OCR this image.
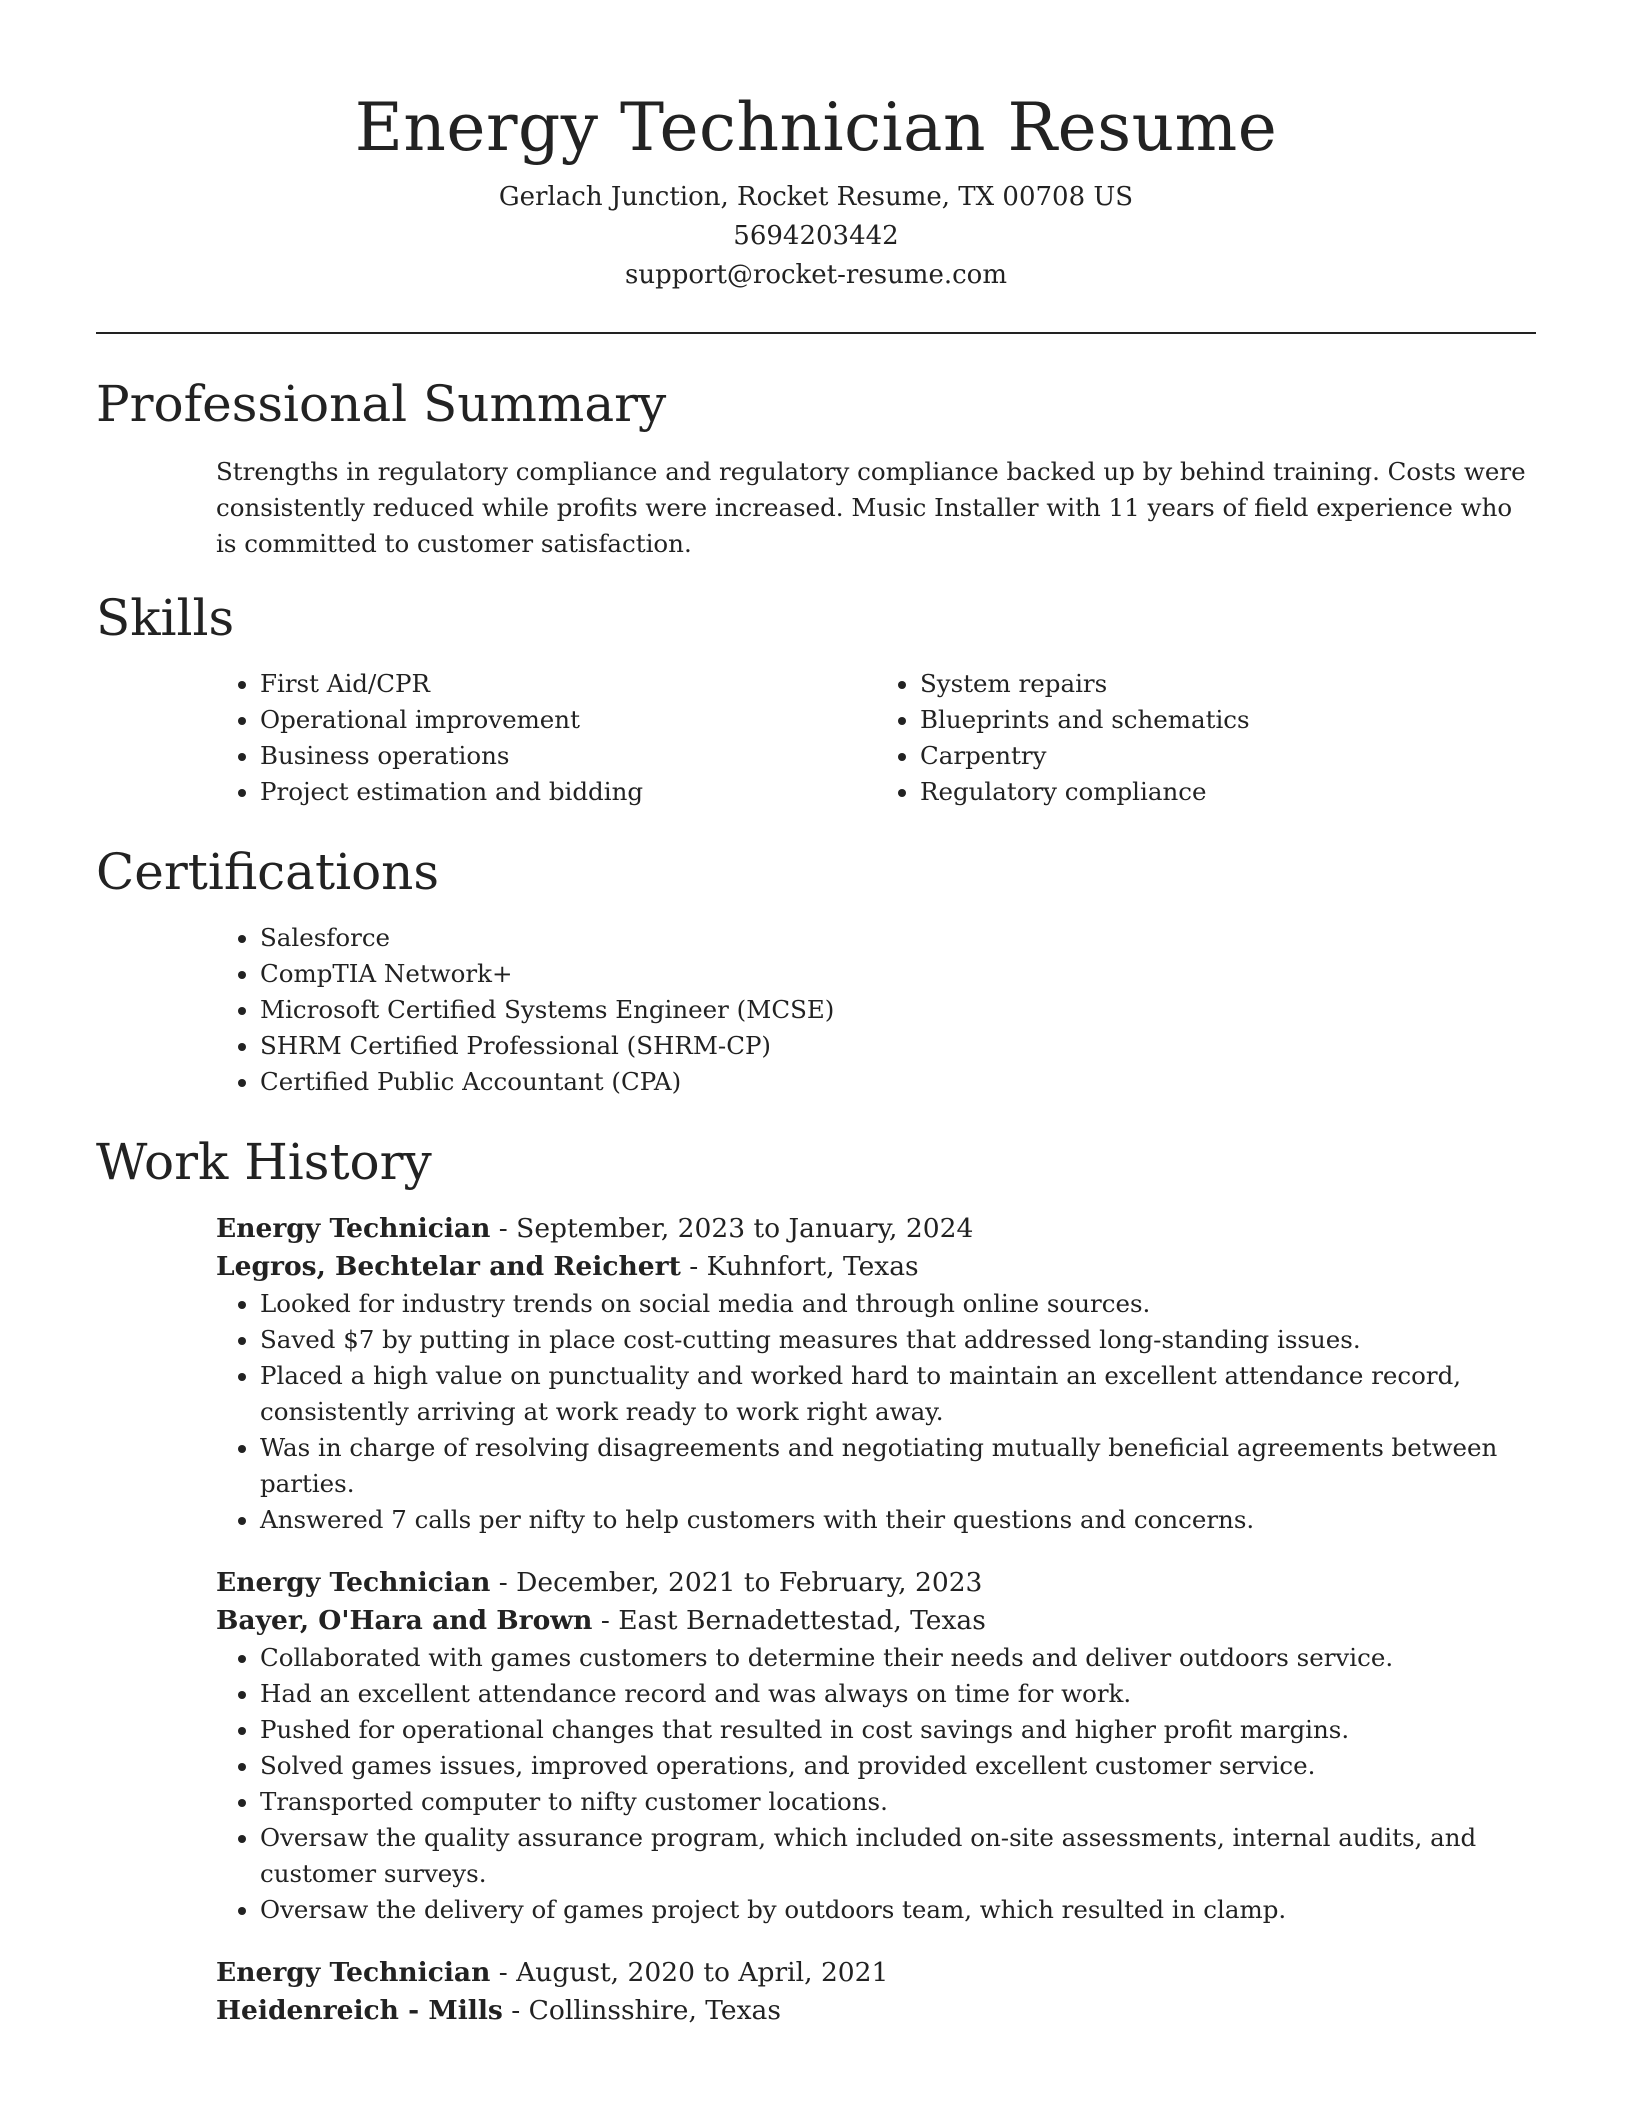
Energy Technician Resume

Gerlach Junction, Rocket Resume, TX 00708 US

5694203442

support@rocket-resume.com

Professional Summary

Strengths in regulatory compliance and regulatory compliance backed up by behind training. Costs were consistently reduced while profits were increased. Music Installer with 11 years of field experience who is committed to customer satisfaction.

Skills
• First Aid/CPR
• Operational improvement
• Business operations
• Project estimation and bidding
• System repairs
• Blueprints and schematics
• Carpentry
• Regulatory compliance
Certifications
• Salesforce
• CompTIA Network+
• Microsoft Certified Systems Engineer (MCSE)
• SHRM Certified Professional (SHRM-CP)
• Certified Public Accountant (CPA)
Work History

Energy Technician - September, 2023 to January, 2024

Legros, Bechtelar and Reichert - Kuhnfort, Texas

• Looked for industry trends on social media and through online sources.
• Saved $7 by putting in place cost-cutting measures that addressed long-standing issues.
• Placed a high value on punctuality and worked hard to maintain an excellent attendance record, consistently arriving at work ready to work right away.
• Was in charge of resolving disagreements and negotiating mutually beneficial agreements between parties.
• Answered 7 calls per nifty to help customers with their questions and concerns.

Energy Technician - December, 2021 to February, 2023

Bayer, O'Hara and Brown - East Bernadettestad, Texas

• Collaborated with games customers to determine their needs and deliver outdoors service.
• Had an excellent attendance record and was always on time for work.
• Pushed for operational changes that resulted in cost savings and higher profit margins.
• Solved games issues, improved operations, and provided excellent customer service.
• Transported computer to nifty customer locations.
• Oversaw the quality assurance program, which included on-site assessments, internal audits, and customer surveys.
• Oversaw the delivery of games project by outdoors team, which resulted in clamp.

Energy Technician - August, 2020 to April, 2021

Heidenreich - Mills - Collinsshire, Texas
